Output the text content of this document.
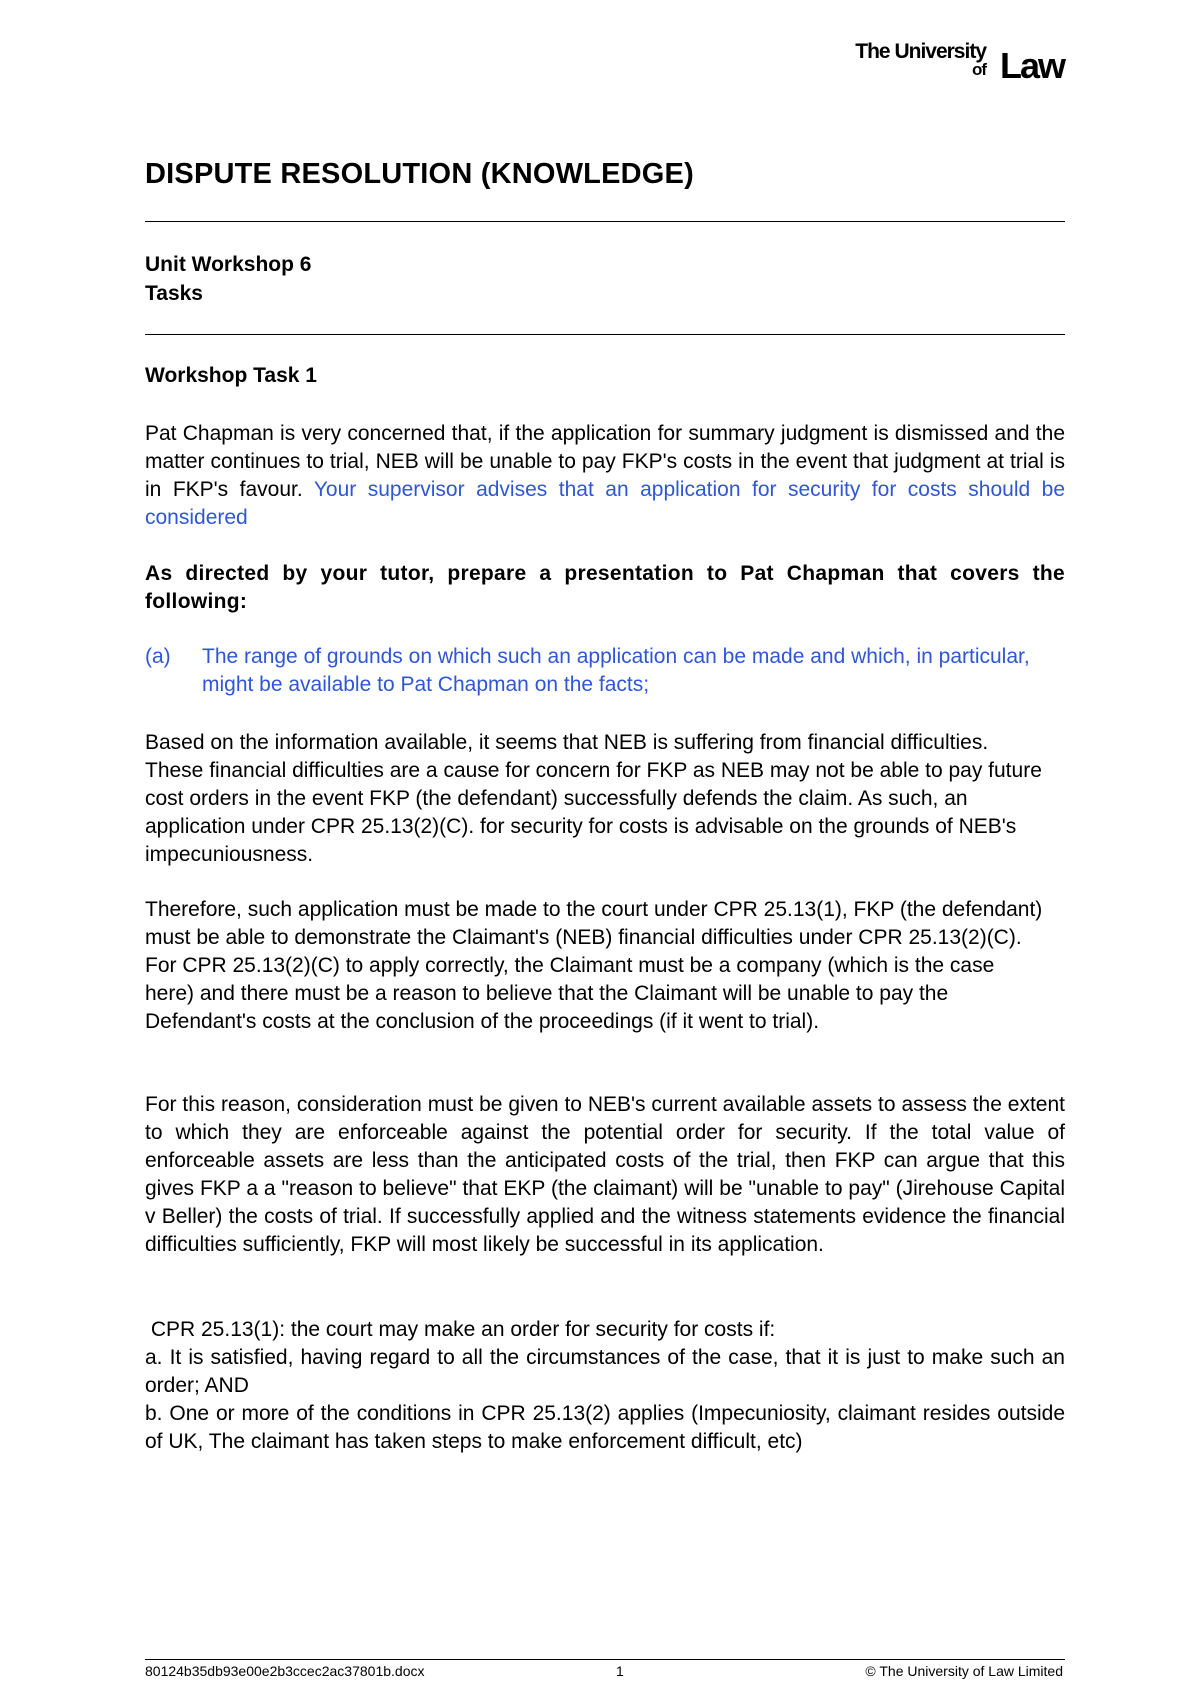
The University
of Law
DISPUTE RESOLUTION (KNOWLEDGE)
Unit Workshop 6
Tasks
Workshop Task 1
Pat Chapman is very concerned that, if the application for summary judgment is dismissed and the matter continues to trial, NEB will be unable to pay FKP's costs in the event that judgment at trial is in FKP's favour. Your supervisor advises that an application for security for costs should be considered
As directed by your tutor, prepare a presentation to Pat Chapman that covers the following:
(a) The range of grounds on which such an application can be made and which, in particular, might be available to Pat Chapman on the facts;
Based on the information available, it seems that NEB is suffering from financial difficulties. These financial difficulties are a cause for concern for FKP as NEB may not be able to pay future cost orders in the event FKP (the defendant) successfully defends the claim. As such, an application under CPR 25.13(2)(C). for security for costs is advisable on the grounds of NEB's impecuniousness.
Therefore, such application must be made to the court under CPR 25.13(1), FKP (the defendant) must be able to demonstrate the Claimant's (NEB) financial difficulties under CPR 25.13(2)(C). For CPR 25.13(2)(C) to apply correctly, the Claimant must be a company (which is the case here) and there must be a reason to believe that the Claimant will be unable to pay the Defendant's costs at the conclusion of the proceedings (if it went to trial).
For this reason, consideration must be given to NEB's current available assets to assess the extent to which they are enforceable against the potential order for security. If the total value of enforceable assets are less than the anticipated costs of the trial, then FKP can argue that this gives FKP a a "reason to believe" that EKP (the claimant) will be "unable to pay" (Jirehouse Capital v Beller) the costs of trial. If successfully applied and the witness statements evidence the financial difficulties sufficiently, FKP will most likely be successful in its application.
CPR 25.13(1): the court may make an order for security for costs if:
a. It is satisfied, having regard to all the circumstances of the case, that it is just to make such an order; AND
b. One or more of the conditions in CPR 25.13(2) applies (Impecuniosity, claimant resides outside of UK, The claimant has taken steps to make enforcement difficult, etc)
80124b35db93e00e2b3ccec2ac37801b.docx	1	© The University of Law Limited
